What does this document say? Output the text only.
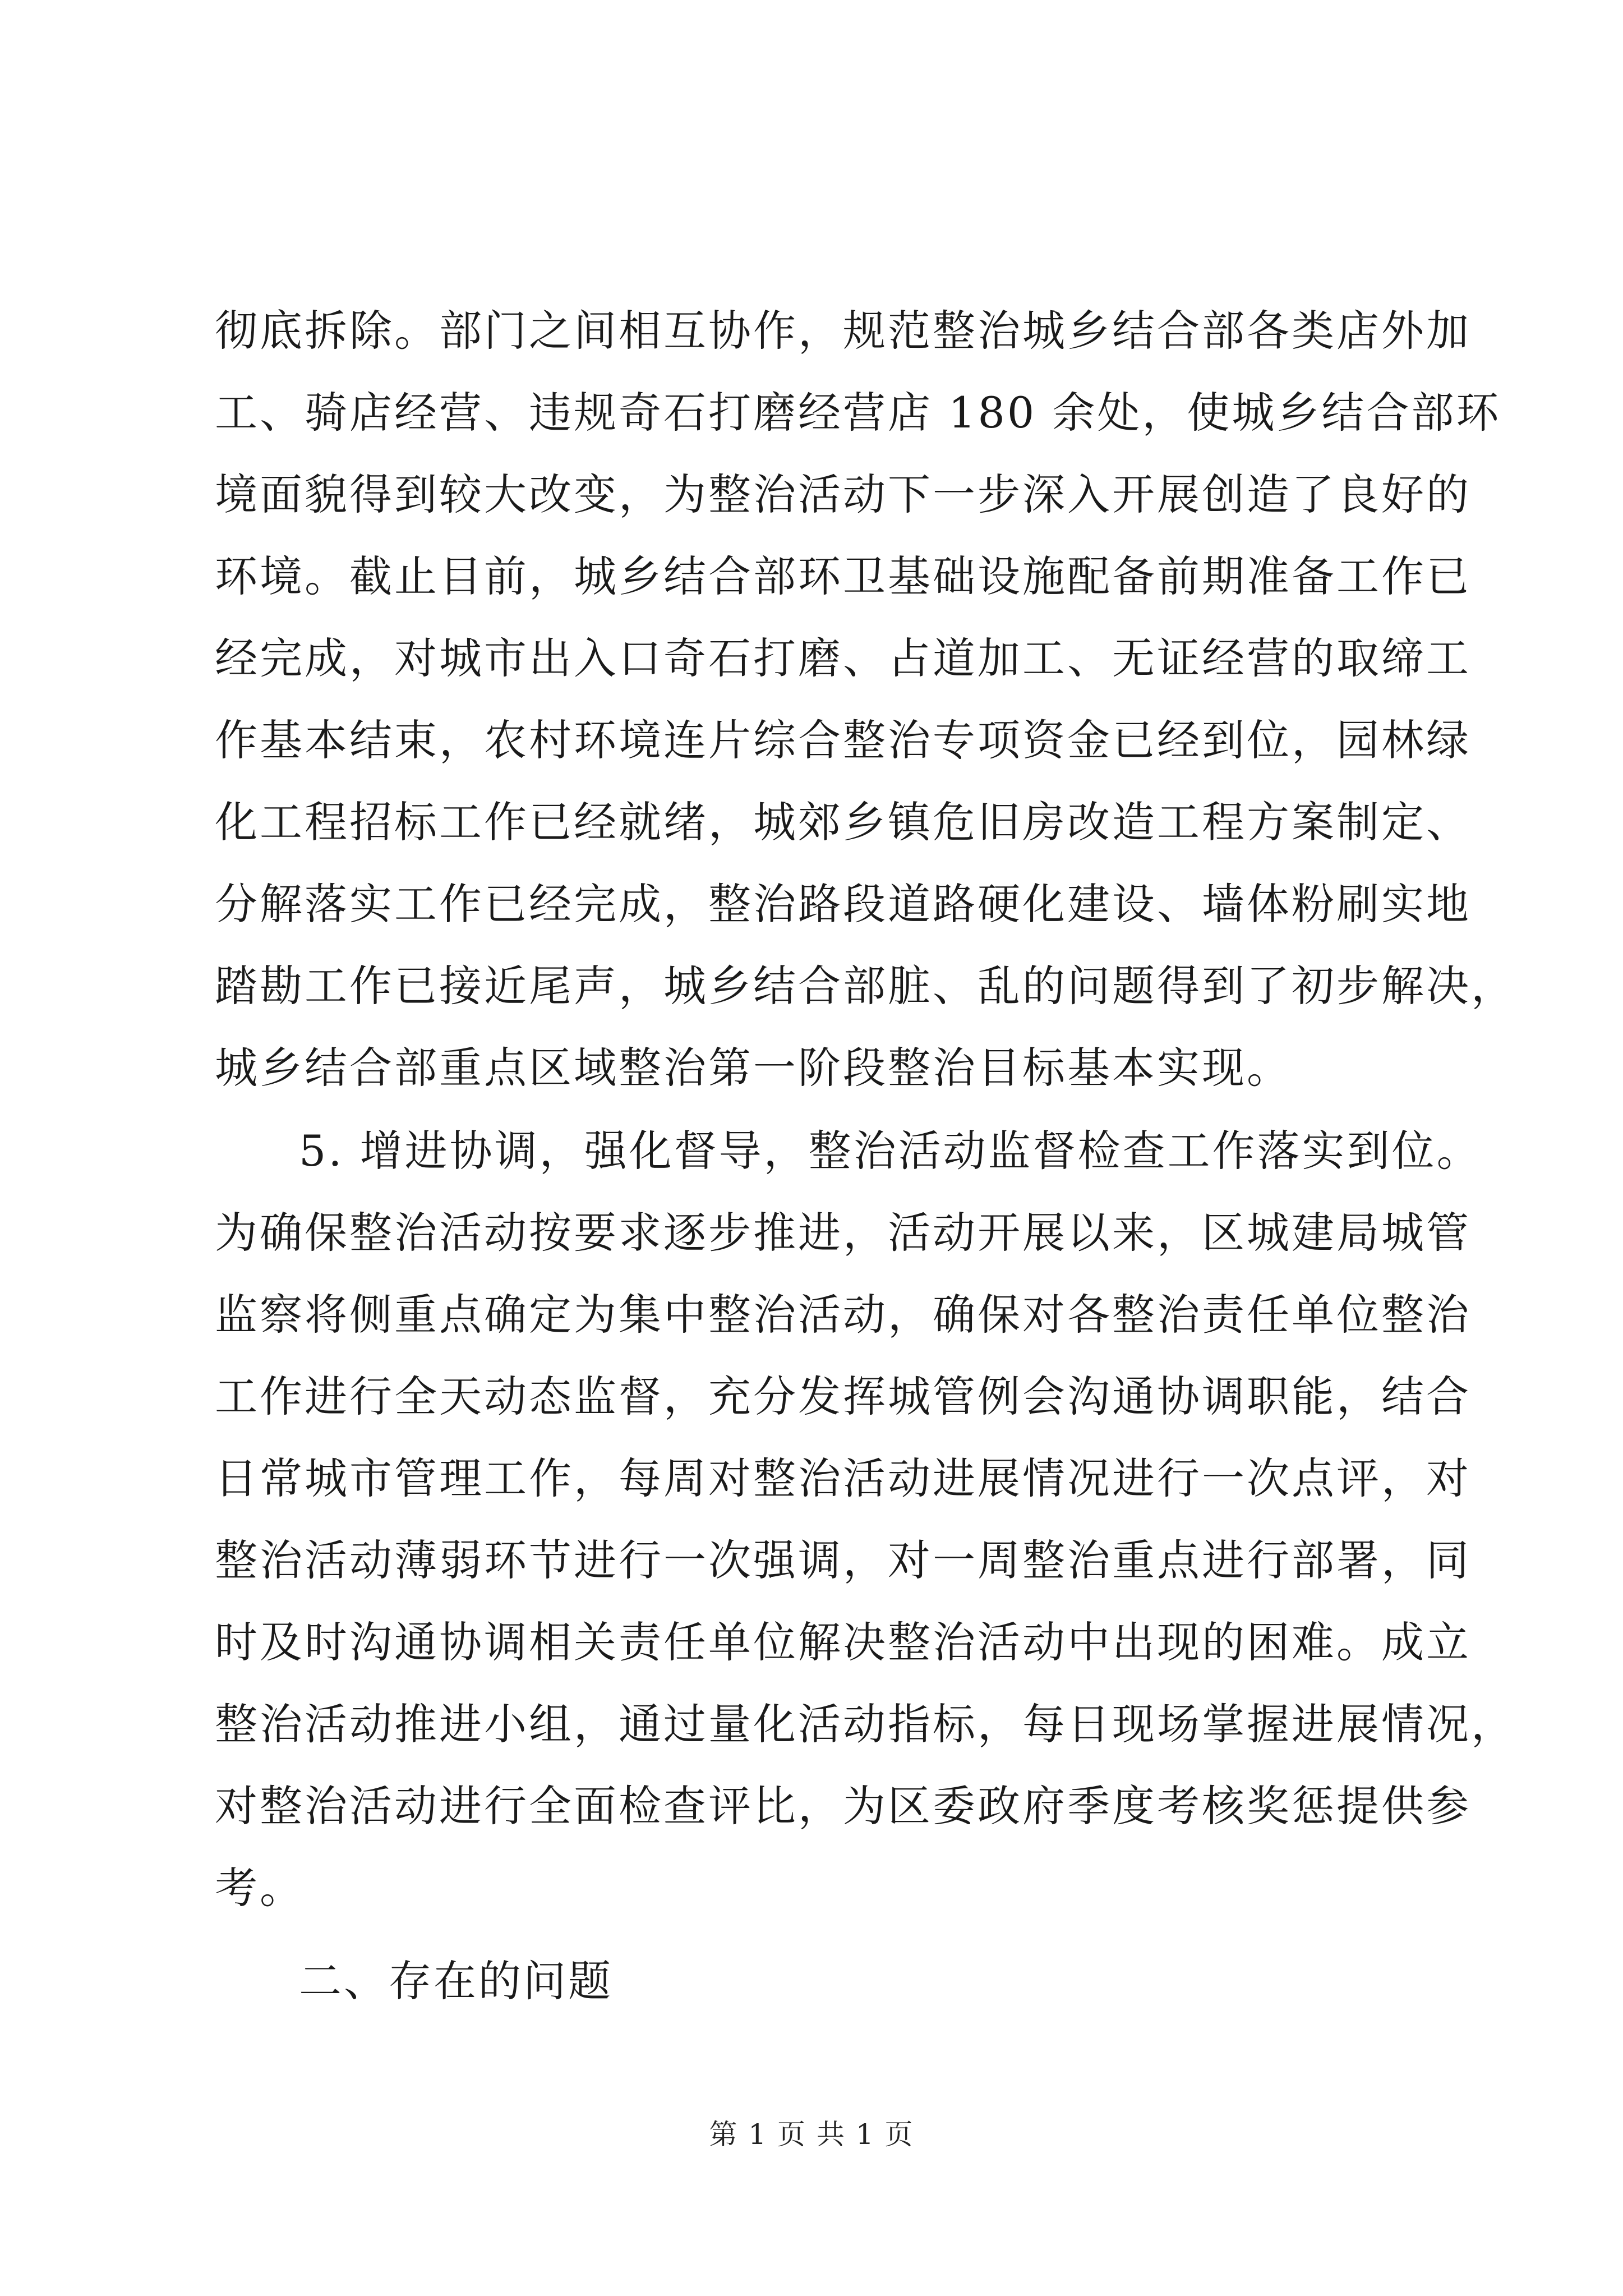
彻底拆除。部门之间相互协作，规范整治城乡结合部各类店外加
工、骑店经营、违规奇石打磨经营店 180 余处，使城乡结合部环
境面貌得到较大改变，为整治活动下一步深入开展创造了良好的
环境。截止目前，城乡结合部环卫基础设施配备前期准备工作已
经完成，对城市出入口奇石打磨、占道加工、无证经营的取缔工
作基本结束，农村环境连片综合整治专项资金已经到位，园林绿
化工程招标工作已经就绪，城郊乡镇危旧房改造工程方案制定、
分解落实工作已经完成，整治路段道路硬化建设、墙体粉刷实地
踏勘工作已接近尾声，城乡结合部脏、乱的问题得到了初步解决，
城乡结合部重点区域整治第一阶段整治目标基本实现。
5. 增进协调，强化督导，整治活动监督检查工作落实到位。
为确保整治活动按要求逐步推进，活动开展以来，区城建局城管
监察将侧重点确定为集中整治活动，确保对各整治责任单位整治
工作进行全天动态监督，充分发挥城管例会沟通协调职能，结合
日常城市管理工作，每周对整治活动进展情况进行一次点评，对
整治活动薄弱环节进行一次强调，对一周整治重点进行部署，同
时及时沟通协调相关责任单位解决整治活动中出现的困难。成立
整治活动推进小组，通过量化活动指标，每日现场掌握进展情况，
对整治活动进行全面检查评比，为区委政府季度考核奖惩提供参
考。
二、存在的问题
第 1 页 共 1 页
